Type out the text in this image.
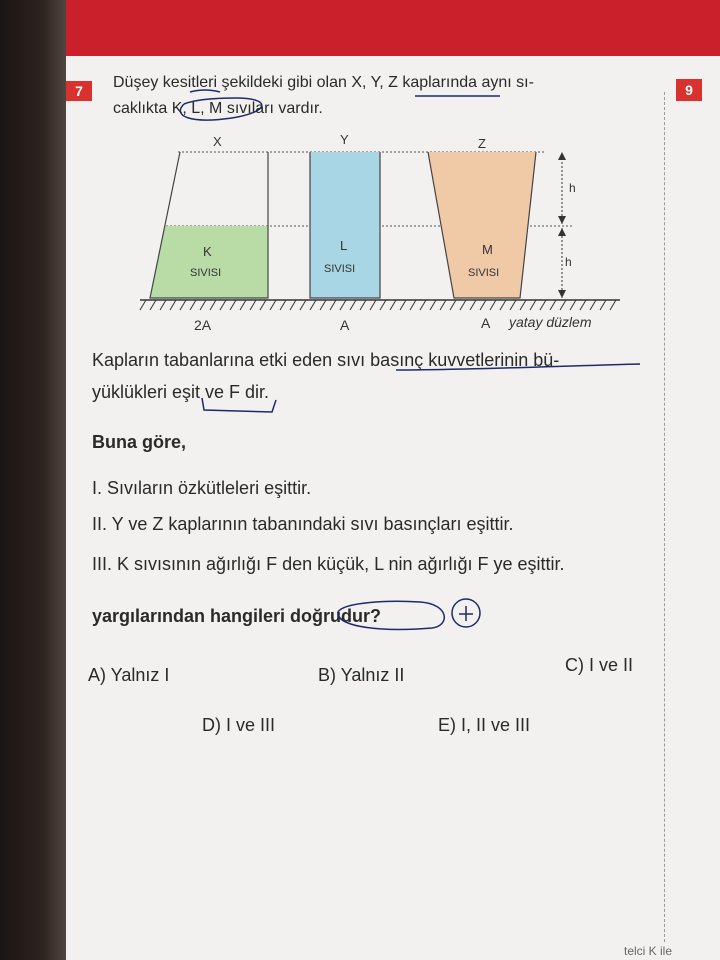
7	9
Düşey kesitleri şekildeki gibi olan X, Y, Z kaplarında aynı sı-
caklıkta K, L, M sıvıları vardır.
X	Y	Z
K
SIVISI
L
SIVISI
M
SIVISI
h
h
2A	A	A yatay düzlem
Kapların tabanlarına etki eden sıvı basınç kuvvetlerinin bü-
yüklükleri eşit ve F dir.
Buna göre,
I. Sıvıların özkütleleri eşittir.
II. Y ve Z kaplarının tabanındaki sıvı basınçları eşittir.
III. K sıvısının ağırlığı F den küçük, L nin ağırlığı F ye eşittir.
yargılarından hangileri doğrudur?
A) Yalnız I	B) Yalnız II	C) I ve II
D) I ve III	E) I, II ve III
telci K ile
